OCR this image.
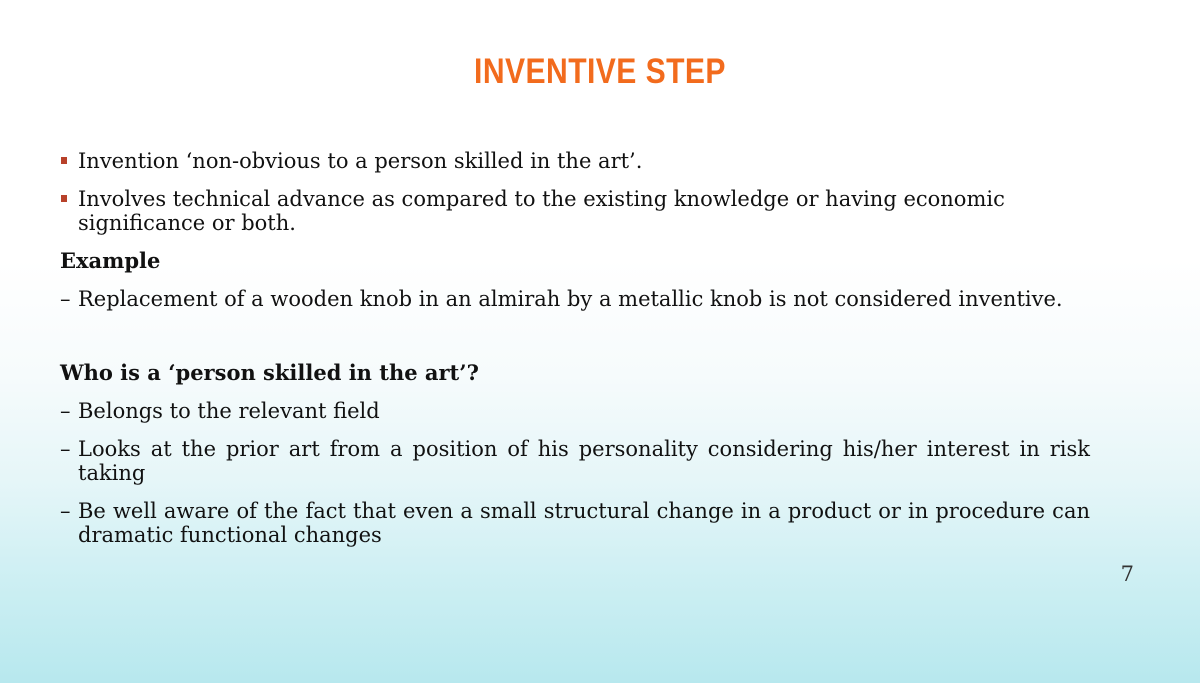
INVENTIVE STEP
Invention ‘non-obvious to a person skilled in the art’.
Involves technical advance as compared to the existing knowledge or having economic significance or both.
Example
– Replacement of a wooden knob in an almirah by a metallic knob is not considered inventive.
Who is a ‘person skilled in the art’?
– Belongs to the relevant field
– Looks at the prior art from a position of his personality considering his/her interest in risk taking
– Be well aware of the fact that even a small structural change in a product or in procedure can dramatic functional changes
7
